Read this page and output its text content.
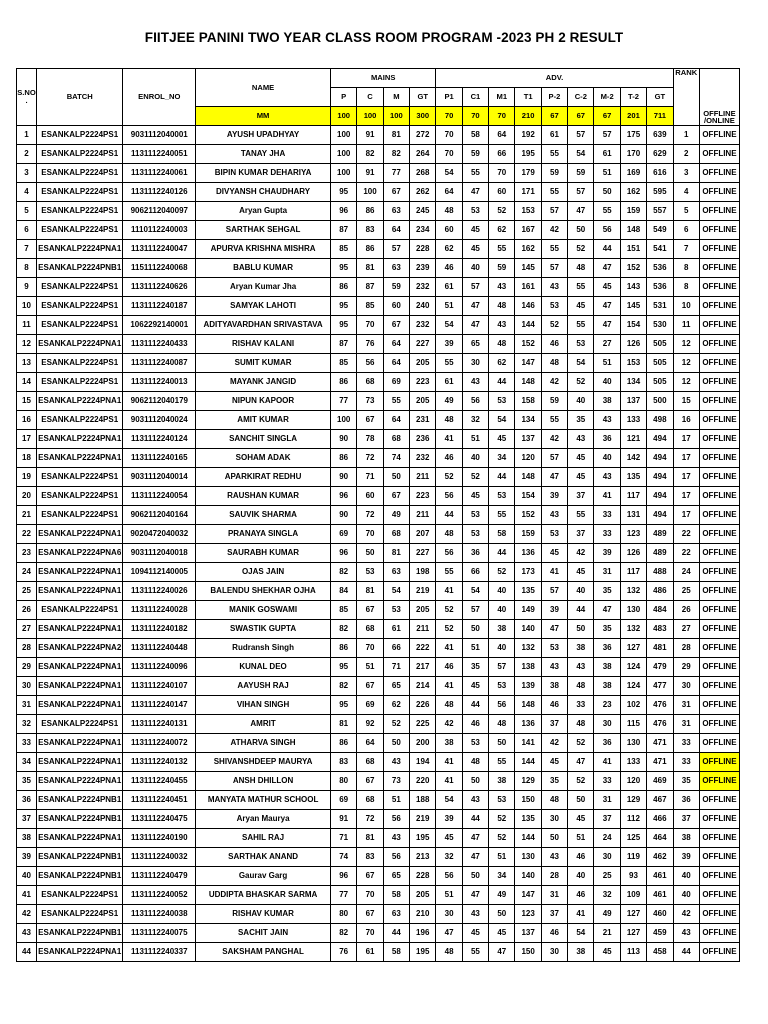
FIITJEE PANINI TWO YEAR CLASS ROOM PROGRAM -2023 PH 2 RESULT
S.NO
.	BATCH	ENROL_NO	NAME	MAINS				ADV.									RANK	OFFLINE
/ONLINE
				P	C	M	GT	P1	C1	M1	T1	P-2	C-2	M-2	T-2	GT		
			MM	100	100	100	300	70	70	70	210	67	67	67	201	711		
1	ESANKALP2224PS1	9031112040001	AYUSH UPADHYAY	100	91	81	272	70	58	64	192	61	57	57	175	639	1	OFFLINE
2	ESANKALP2224PS1	1131112240051	TANAY JHA	100	82	82	264	70	59	66	195	55	54	61	170	629	2	OFFLINE
3	ESANKALP2224PS1	1131112240061	BIPIN KUMAR DEHARIYA	100	91	77	268	54	55	70	179	59	59	51	169	616	3	OFFLINE
4	ESANKALP2224PS1	1131112240126	DIVYANSH CHAUDHARY	95	100	67	262	64	47	60	171	55	57	50	162	595	4	OFFLINE
5	ESANKALP2224PS1	9062112040097	Aryan Gupta	96	86	63	245	48	53	52	153	57	47	55	159	557	5	OFFLINE
6	ESANKALP2224PS1	1110112240003	SARTHAK SEHGAL	87	83	64	234	60	45	62	167	42	50	56	148	549	6	OFFLINE
7	ESANKALP2224PNA1	1131112240047	APURVA KRISHNA MISHRA	85	86	57	228	62	45	55	162	55	52	44	151	541	7	OFFLINE
8	ESANKALP2224PNB1	1151112240068	BABLU KUMAR	95	81	63	239	46	40	59	145	57	48	47	152	536	8	OFFLINE
9	ESANKALP2224PS1	1131112240626	Aryan Kumar Jha	86	87	59	232	61	57	43	161	43	55	45	143	536	8	OFFLINE
10	ESANKALP2224PS1	1131112240187	SAMYAK LAHOTI	95	85	60	240	51	47	48	146	53	45	47	145	531	10	OFFLINE
11	ESANKALP2224PS1	1062292140001	ADITYAVARDHAN SRIVASTAVA	95	70	67	232	54	47	43	144	52	55	47	154	530	11	OFFLINE
12	ESANKALP2224PNA1	1131112240433	RISHAV KALANI	87	76	64	227	39	65	48	152	46	53	27	126	505	12	OFFLINE
13	ESANKALP2224PS1	1131112240087	SUMIT KUMAR	85	56	64	205	55	30	62	147	48	54	51	153	505	12	OFFLINE
14	ESANKALP2224PS1	1131112240013	MAYANK JANGID	86	68	69	223	61	43	44	148	42	52	40	134	505	12	OFFLINE
15	ESANKALP2224PNA1	9062112040179	NIPUN KAPOOR	77	73	55	205	49	56	53	158	59	40	38	137	500	15	OFFLINE
16	ESANKALP2224PS1	9031112040024	AMIT KUMAR	100	67	64	231	48	32	54	134	55	35	43	133	498	16	OFFLINE
17	ESANKALP2224PNA1	1131112240124	SANCHIT SINGLA	90	78	68	236	41	51	45	137	42	43	36	121	494	17	OFFLINE
18	ESANKALP2224PNA1	1131112240165	SOHAM ADAK	86	72	74	232	46	40	34	120	57	45	40	142	494	17	OFFLINE
19	ESANKALP2224PS1	9031112040014	APARKIRAT REDHU	90	71	50	211	52	52	44	148	47	45	43	135	494	17	OFFLINE
20	ESANKALP2224PS1	1131112240054	RAUSHAN KUMAR	96	60	67	223	56	45	53	154	39	37	41	117	494	17	OFFLINE
21	ESANKALP2224PS1	9062112040164	SAUVIK SHARMA	90	72	49	211	44	53	55	152	43	55	33	131	494	17	OFFLINE
22	ESANKALP2224PNA1	9020472040032	PRANAYA SINGLA	69	70	68	207	48	53	58	159	53	37	33	123	489	22	OFFLINE
23	ESANKALP2224PNA6	9031112040018	SAURABH KUMAR	96	50	81	227	56	36	44	136	45	42	39	126	489	22	OFFLINE
24	ESANKALP2224PNA1	1094112140005	OJAS JAIN	82	53	63	198	55	66	52	173	41	45	31	117	488	24	OFFLINE
25	ESANKALP2224PNA1	1131112240026	BALENDU SHEKHAR OJHA	84	81	54	219	41	54	40	135	57	40	35	132	486	25	OFFLINE
26	ESANKALP2224PS1	1131112240028	MANIK GOSWAMI	85	67	53	205	52	57	40	149	39	44	47	130	484	26	OFFLINE
27	ESANKALP2224PNA1	1131112240182	SWASTIK GUPTA	82	68	61	211	52	50	38	140	47	50	35	132	483	27	OFFLINE
28	ESANKALP2224PNA2	1131112240448	Rudransh Singh	86	70	66	222	41	51	40	132	53	38	36	127	481	28	OFFLINE
29	ESANKALP2224PNA1	1131112240096	KUNAL DEO	95	51	71	217	46	35	57	138	43	43	38	124	479	29	OFFLINE
30	ESANKALP2224PNA1	1131112240107	AAYUSH RAJ	82	67	65	214	41	45	53	139	38	48	38	124	477	30	OFFLINE
31	ESANKALP2224PNA1	1131112240147	VIHAN SINGH	95	69	62	226	48	44	56	148	46	33	23	102	476	31	OFFLINE
32	ESANKALP2224PS1	1131112240131	AMRIT	81	92	52	225	42	46	48	136	37	48	30	115	476	31	OFFLINE
33	ESANKALP2224PNA1	1131112240072	ATHARVA SINGH	86	64	50	200	38	53	50	141	42	52	36	130	471	33	OFFLINE
34	ESANKALP2224PNA1	1131112240132	SHIVANSHDEEP MAURYA	83	68	43	194	41	48	55	144	45	47	41	133	471	33	OFFLINE
35	ESANKALP2224PNA1	1131112240455	ANSH DHILLON	80	67	73	220	41	50	38	129	35	52	33	120	469	35	OFFLINE
36	ESANKALP2224PNB1	1131112240451	MANYATA MATHUR SCHOOL	69	68	51	188	54	43	53	150	48	50	31	129	467	36	OFFLINE
37	ESANKALP2224PNB1	1131112240475	Aryan Maurya	91	72	56	219	39	44	52	135	30	45	37	112	466	37	OFFLINE
38	ESANKALP2224PNA1	1131112240190	SAHIL RAJ	71	81	43	195	45	47	52	144	50	51	24	125	464	38	OFFLINE
39	ESANKALP2224PNB1	1131112240032	SARTHAK ANAND	74	83	56	213	32	47	51	130	43	46	30	119	462	39	OFFLINE
40	ESANKALP2224PNB1	1131112240479	Gaurav Garg	96	67	65	228	56	50	34	140	28	40	25	93	461	40	OFFLINE
41	ESANKALP2224PS1	1131112240052	UDDIPTA BHASKAR SARMA	77	70	58	205	51	47	49	147	31	46	32	109	461	40	OFFLINE
42	ESANKALP2224PS1	1131112240038	RISHAV KUMAR	80	67	63	210	30	43	50	123	37	41	49	127	460	42	OFFLINE
43	ESANKALP2224PNB1	1131112240075	SACHIT JAIN	82	70	44	196	47	45	45	137	46	54	21	127	459	43	OFFLINE
44	ESANKALP2224PNA1	1131112240337	SAKSHAM PANGHAL	76	61	58	195	48	55	47	150	30	38	45	113	458	44	OFFLINE
